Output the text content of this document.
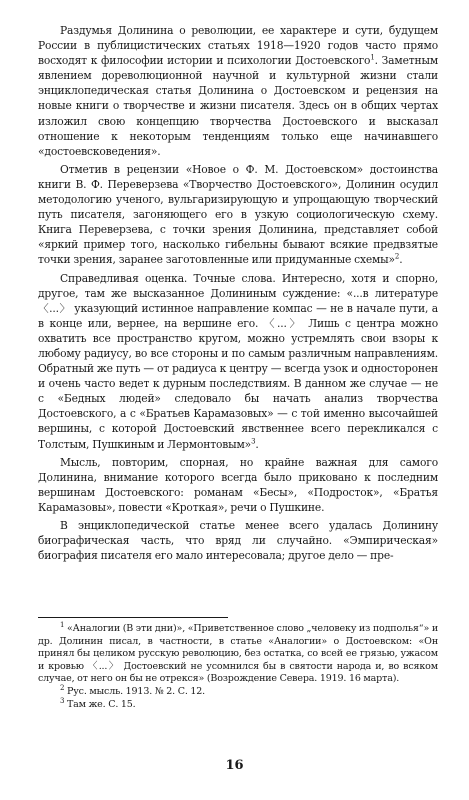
Раздумья Долинина о революции, ее характере и сути, будущем России в публицистических статьях 1918—1920 годов часто прямо восходят к философии истории и психологии Достоевского$^1$. Заметным явлением дореволюционной научной и культурной жизни стали энциклопедическая статья Долинина о Достоевском и рецензия на новые книги о творчестве и жизни писателя. Здесь он в общих чертах изложил свою концепцию творчества Достоевского и высказал отношение к некоторым тенденциям только еще начинавшего «достоевсковедения».

Отметив в рецензии «Новое о Ф. М. Достоевском» достоинства книги В. Ф. Переверзева «Творчество Достоевского», Долинин осудил методологию ученого, вульгаризирующую и упрощающую творческий путь писателя, загоняющего его в узкую социологическую схему. Книга Переверзева, с точки зрения Долинина, представляет собой «яркий пример того, насколько гибельны бывают всякие предвзятые точки зрения, заранее заготовленные или придуманные схемы»$^2$.

Справедливая оценка. Точные слова. Интересно, хотя и спорно, другое, там же высказанное Долининым суждение: «...в литературе 〈...〉 указующий истинное направление компас — не в начале пути, а в конце или, вернее, на вершине его. 〈...〉 Лишь с центра можно охватить все пространство кругом, можно устремлять свои взоры к любому радиусу, во все стороны и по самым различным направлениям. Обратный же путь — от радиуса к центру — всегда узок и односторонен и очень часто ведет к дурным последствиям. В данном же случае — не с «Бедных людей» следовало бы начать анализ творчества Достоевского, а с «Братьев Карамазовых» — с той именно высочайшей вершины, с которой Достоевский явственнее всего перекликался с Толстым, Пушкиным и Лермонтовым»$^3$.

Мысль, повторим, спорная, но крайне важная для самого Долинина, внимание которого всегда было приковано к последним вершинам Достоевского: романам «Бесы», «Подросток», «Братья Карамазовы», повести «Кроткая», речи о Пушкине.

В энциклопедической статье менее всего удалась Долинину биографическая часть, что вряд ли случайно. «Эмпирическая» биография писателя его мало интересовала; другое дело — пре-

$^1$ «Аналогии (В эти дни)», «Приветственное слово „человеку из подполья“» и др. Долинин писал, в частности, в статье «Аналогии» о Достоевском: «Он принял бы целиком русскую революцию, без остатка, со всей ее грязью, ужасом и кровью 〈...〉 Достоевский не усомнился бы в святости народа и, во всяком случае, от него он бы не отрекся» (Возрождение Севера. 1919. 16 марта).

$^2$ Рус. мысль. 1913. № 2. С. 12.

$^3$ Там же. С. 15.

16
